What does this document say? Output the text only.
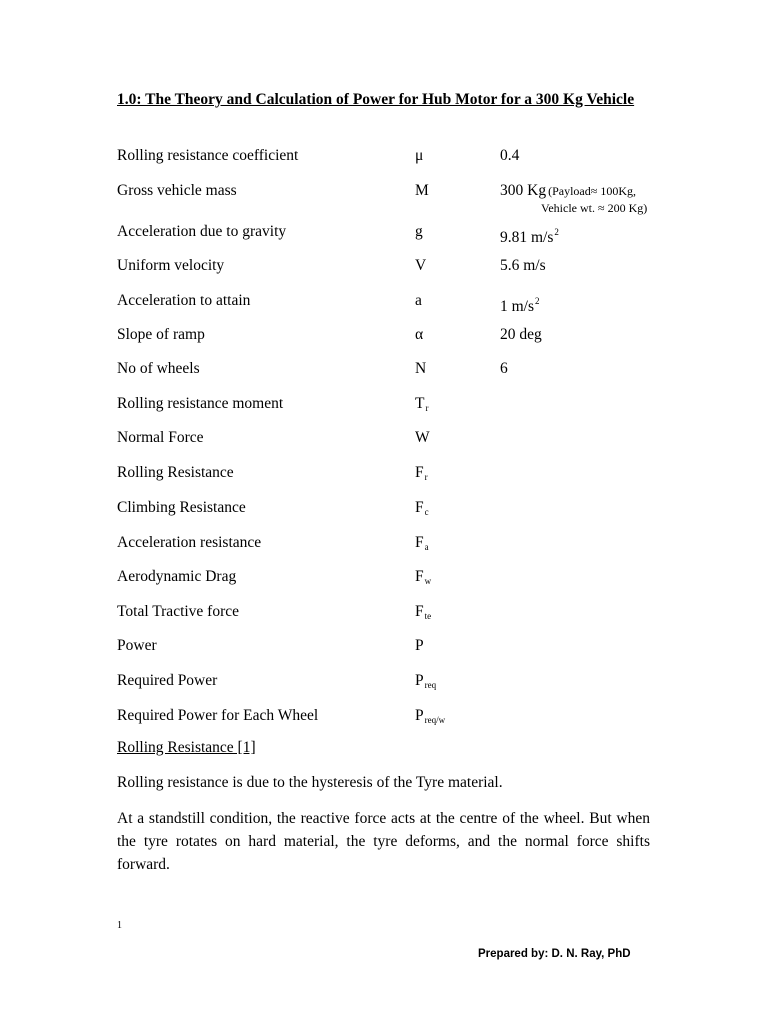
1.0: The Theory and Calculation of Power for Hub Motor for a 300 Kg Vehicle
Rolling resistance coefficient	μ	0.4
Gross vehicle mass	M	300 Kg (Payload≈ 100Kg,
Vehicle wt. ≈ 200 Kg)
Acceleration due to gravity	g	9.81 $m/s^2$
Uniform velocity	V	5.6 m/s
Acceleration to attain	a	1 $m/s^2$
Slope of ramp	α	20 deg
No of wheels	N	6
Rolling resistance moment	$T_r$
Normal Force	W
Rolling Resistance	$F_r$
Climbing Resistance	$F_c$
Acceleration resistance	$F_a$
Aerodynamic Drag	$F_w$
Total Tractive force	$F_{te}$
Power	P
Required Power	$P_{req}$
Required Power for Each Wheel	$P_{req/w}$
Rolling Resistance [1]
Rolling resistance is due to the hysteresis of the Tyre material.
At a standstill condition, the reactive force acts at the centre of the wheel. But when the tyre rotates on hard material, the tyre deforms, and the normal force shifts forward.
1
Prepared by: D. N. Ray, PhD
